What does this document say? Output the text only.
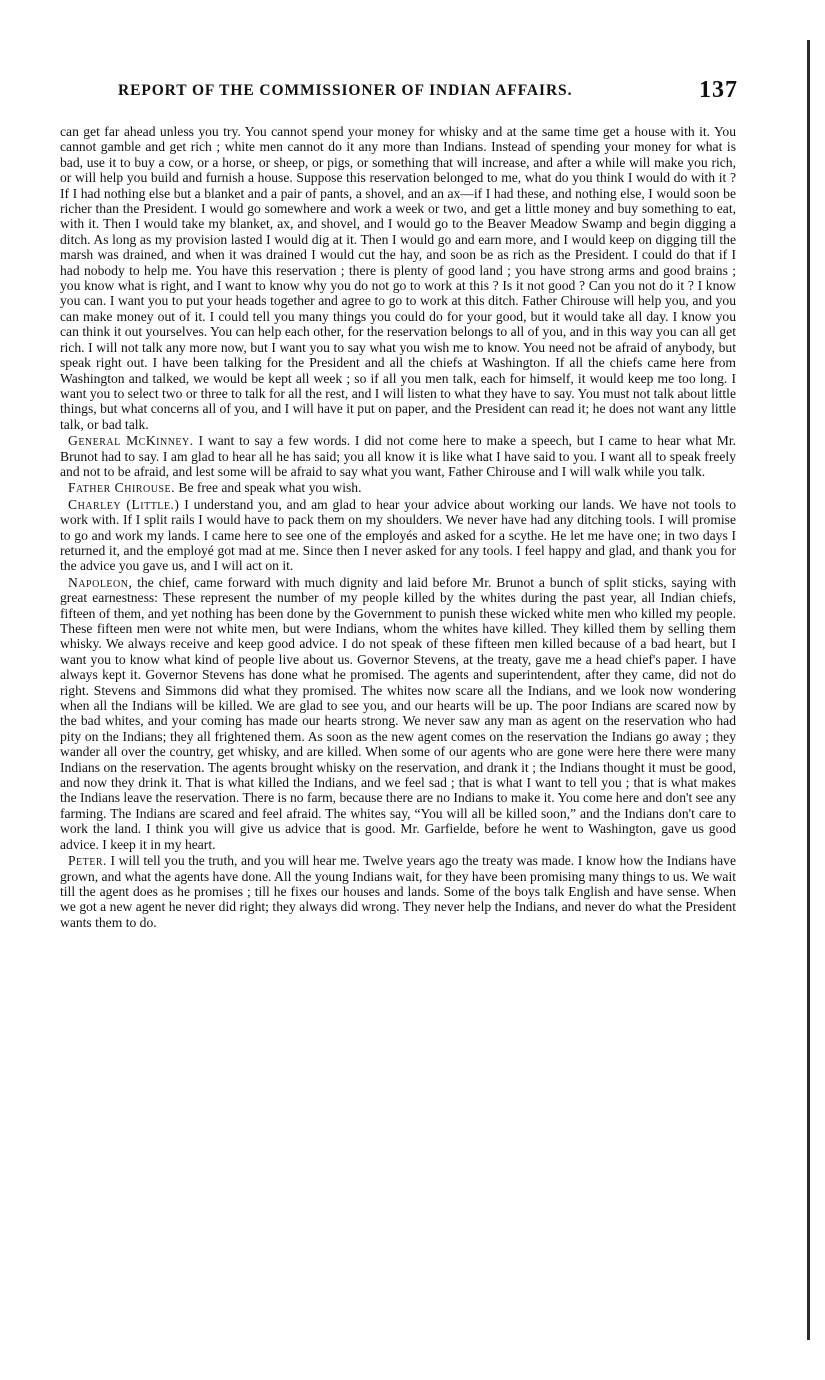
REPORT OF THE COMMISSIONER OF INDIAN AFFAIRS.	137

can get far ahead unless you try. You cannot spend your money for whisky and at the same time get a house with it. You cannot gamble and get rich ; white men cannot do it any more than Indians. Instead of spending your money for what is bad, use it to buy a cow, or a horse, or sheep, or pigs, or something that will increase, and after a while will make you rich, or will help you build and furnish a house. Suppose this reservation belonged to me, what do you think I would do with it ? If I had nothing else but a blanket and a pair of pants, a shovel, and an ax—if I had these, and nothing else, I would soon be richer than the President. I would go somewhere and work a week or two, and get a little money and buy something to eat, with it. Then I would take my blanket, ax, and shovel, and I would go to the Beaver Meadow Swamp and begin digging a ditch. As long as my provision lasted I would dig at it. Then I would go and earn more, and I would keep on digging till the marsh was drained, and when it was drained I would cut the hay, and soon be as rich as the President. I could do that if I had nobody to help me. You have this reservation ; there is plenty of good land ; you have strong arms and good brains ; you know what is right, and I want to know why you do not go to work at this ? Is it not good ? Can you not do it ? I know you can. I want you to put your heads together and agree to go to work at this ditch. Father Chirouse will help you, and you can make money out of it. I could tell you many things you could do for your good, but it would take all day. I know you can think it out yourselves. You can help each other, for the reservation belongs to all of you, and in this way you can all get rich. I will not talk any more now, but I want you to say what you wish me to know. You need not be afraid of anybody, but speak right out. I have been talking for the President and all the chiefs at Washington. If all the chiefs came here from Washington and talked, we would be kept all week ; so if all you men talk, each for himself, it would keep me too long. I want you to select two or three to talk for all the rest, and I will listen to what they have to say. You must not talk about little things, but what concerns all of you, and I will have it put on paper, and the President can read it; he does not want any little talk, or bad talk.

General McKinney. I want to say a few words. I did not come here to make a speech, but I came to hear what Mr. Brunot had to say. I am glad to hear all he has said; you all know it is like what I have said to you. I want all to speak freely and not to be afraid, and lest some will be afraid to say what you want, Father Chirouse and I will walk while you talk.

Father Chirouse. Be free and speak what you wish.

Charley (Little.) I understand you, and am glad to hear your advice about working our lands. We have not tools to work with. If I split rails I would have to pack them on my shoulders. We never have had any ditching tools. I will promise to go and work my lands. I came here to see one of the employés and asked for a scythe. He let me have one; in two days I returned it, and the employé got mad at me. Since then I never asked for any tools. I feel happy and glad, and thank you for the advice you gave us, and I will act on it.

Napoleon, the chief, came forward with much dignity and laid before Mr. Brunot a bunch of split sticks, saying with great earnestness: These represent the number of my people killed by the whites during the past year, all Indian chiefs, fifteen of them, and yet nothing has been done by the Government to punish these wicked white men who killed my people. These fifteen men were not white men, but were Indians, whom the whites have killed. They killed them by selling them whisky. We always receive and keep good advice. I do not speak of these fifteen men killed because of a bad heart, but I want you to know what kind of people live about us. Governor Stevens, at the treaty, gave me a head chief's paper. I have always kept it. Governor Stevens has done what he promised. The agents and superintendent, after they came, did not do right. Stevens and Simmons did what they promised. The whites now scare all the Indians, and we look now wondering when all the Indians will be killed. We are glad to see you, and our hearts will be up. The poor Indians are scared now by the bad whites, and your coming has made our hearts strong. We never saw any man as agent on the reservation who had pity on the Indians; they all frightened them. As soon as the new agent comes on the reservation the Indians go away ; they wander all over the country, get whisky, and are killed. When some of our agents who are gone were here there were many Indians on the reservation. The agents brought whisky on the reservation, and drank it ; the Indians thought it must be good, and now they drink it. That is what killed the Indians, and we feel sad ; that is what I want to tell you ; that is what makes the Indians leave the reservation. There is no farm, because there are no Indians to make it. You come here and don't see any farming. The Indians are scared and feel afraid. The whites say, “You will all be killed soon,” and the Indians don't care to work the land. I think you will give us advice that is good. Mr. Garfielde, before he went to Washington, gave us good advice. I keep it in my heart.

Peter. I will tell you the truth, and you will hear me. Twelve years ago the treaty was made. I know how the Indians have grown, and what the agents have done. All the young Indians wait, for they have been promising many things to us. We wait till the agent does as he promises ; till he fixes our houses and lands. Some of the boys talk English and have sense. When we got a new agent he never did right; they always did wrong. They never help the Indians, and never do what the President wants them to do.
